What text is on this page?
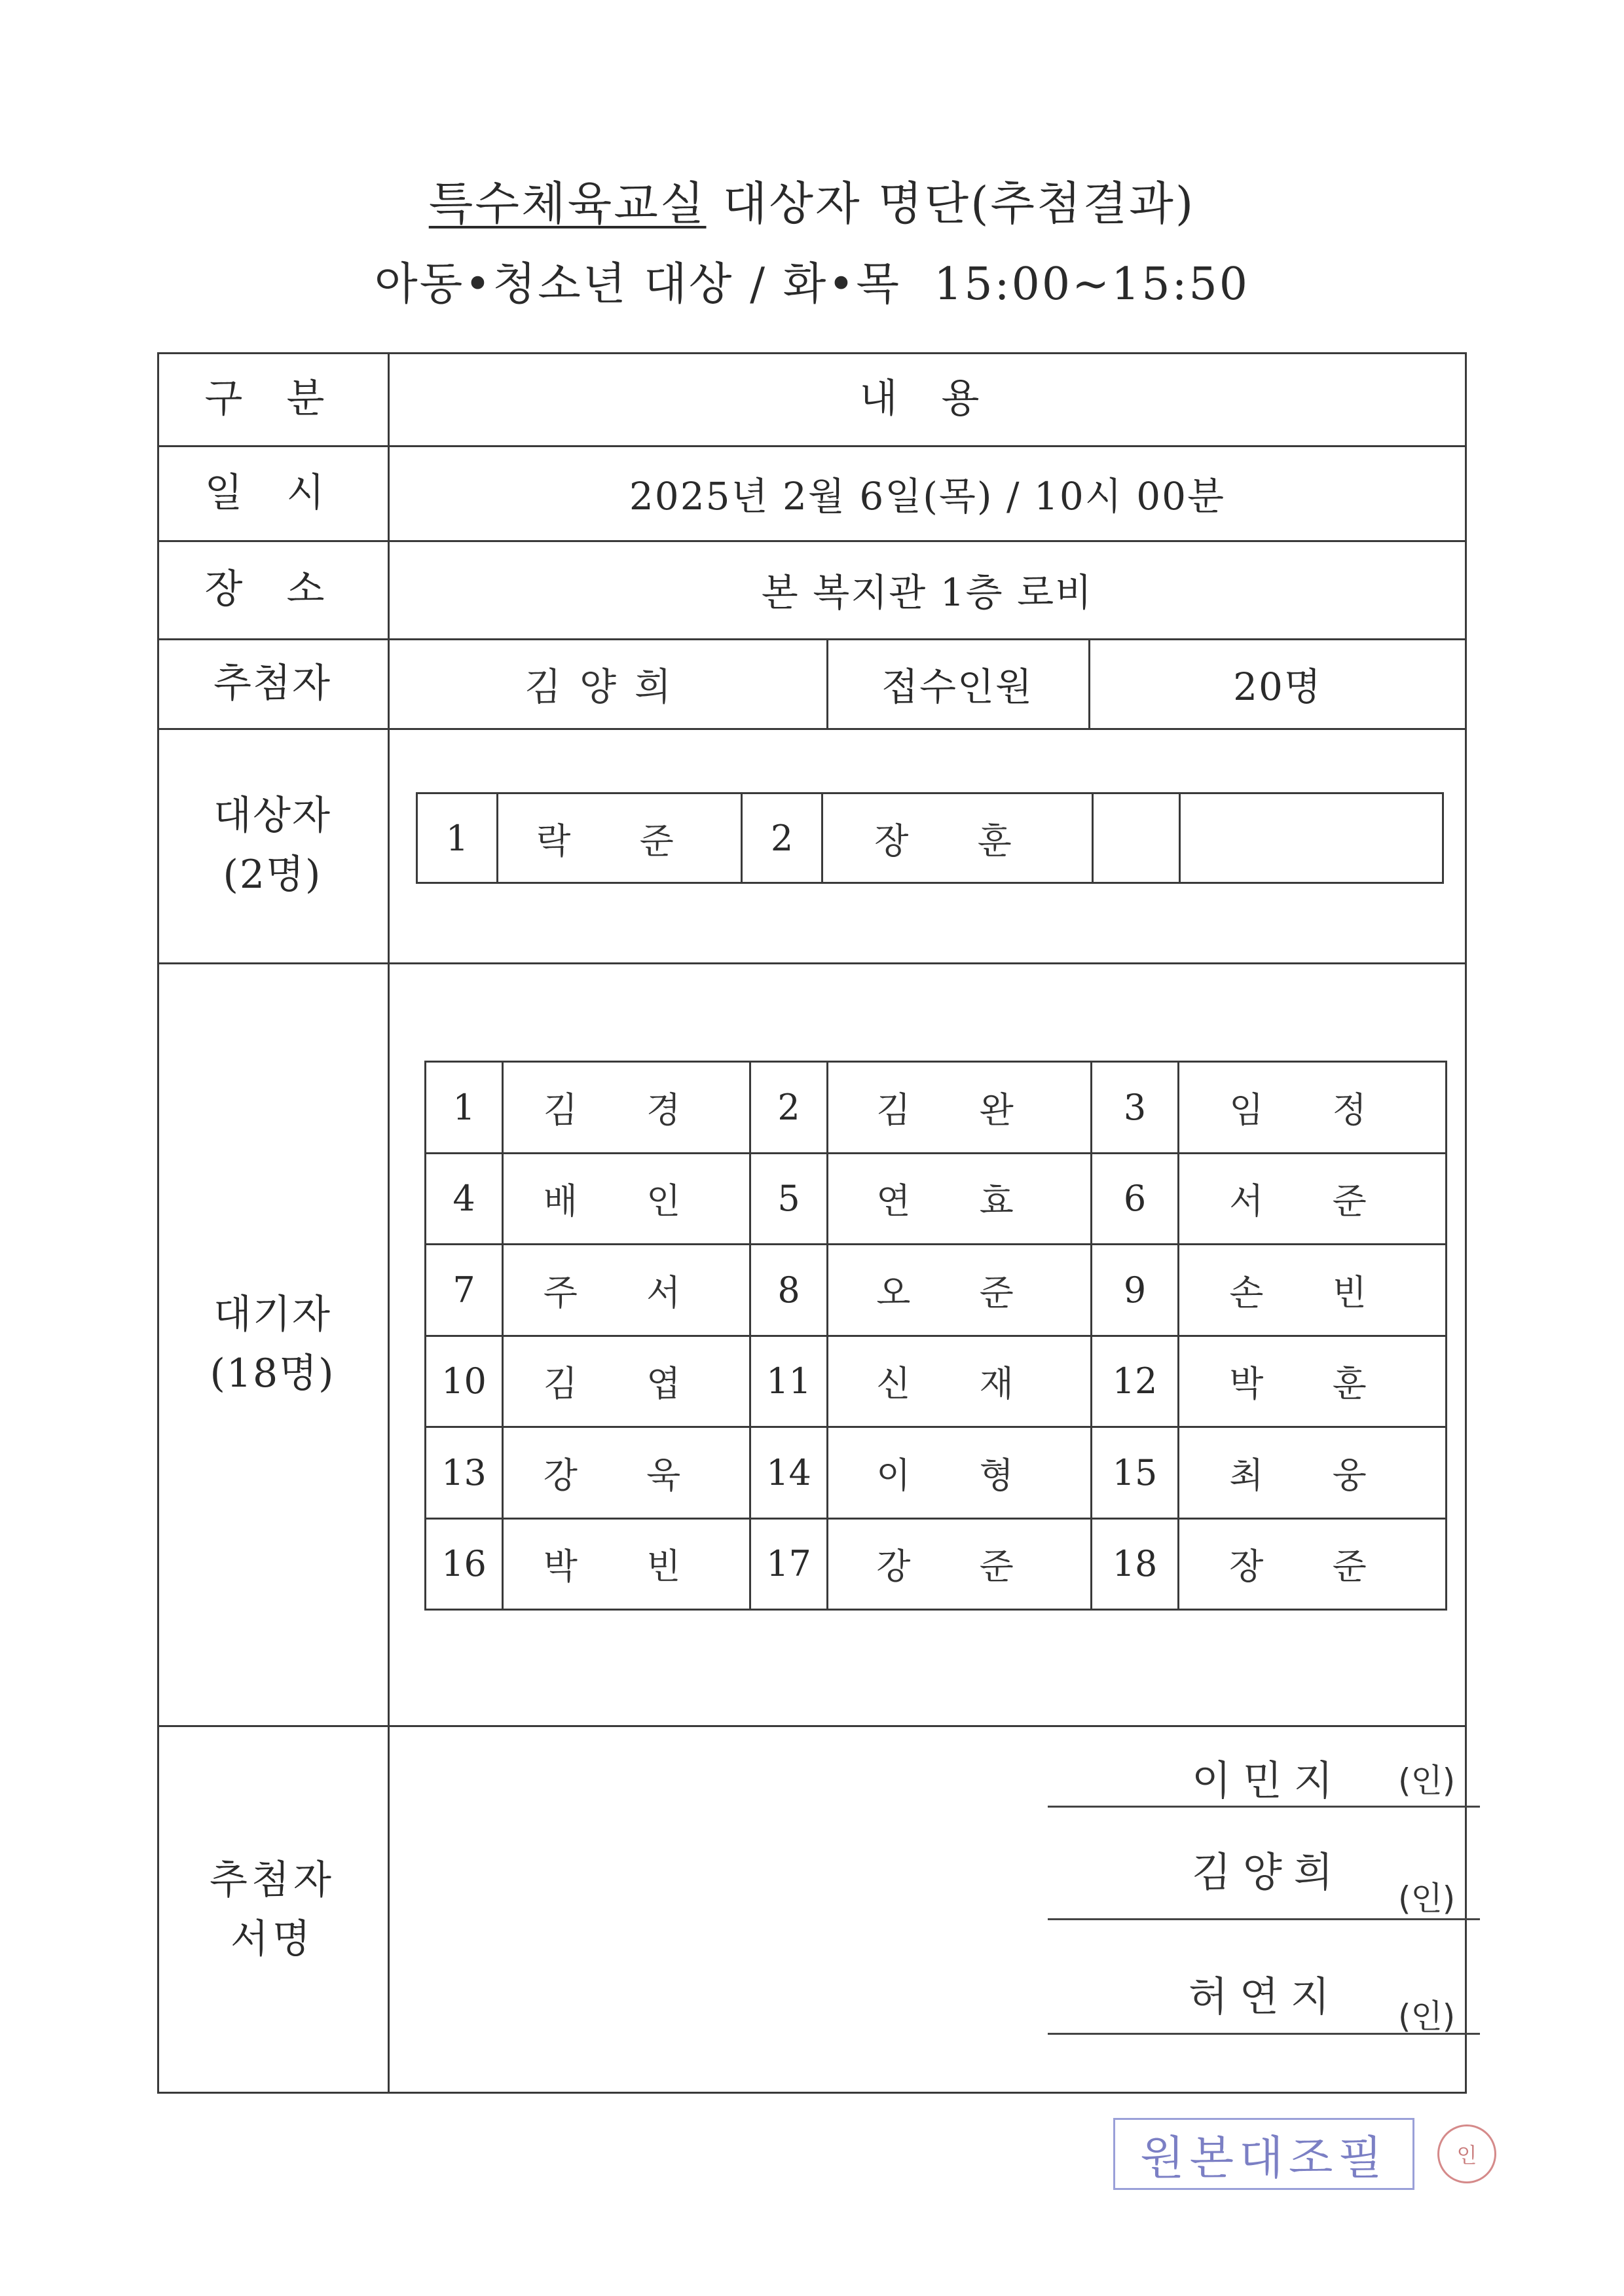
특수체육교실 대상자 명단(추첨결과)
아동•청소년 대상 / 화•목 15:00~15:50
구 분	내 용
일 시	2025년 2월 6일(목) / 10시 00분
장 소	본 복지관 1층 로비
추첨자	김양희	접수인원	20명
대상자
(2명)
1	락 준	2	장 훈		
대기자
(18명)
1	김 경	2	김 완	3	임 정
4	배 인	5	연 효	6	서 준
7	주 서	8	오 준	9	손 빈
10	김 엽	11	신 재	12	박 훈
13	강 욱	14	이 형	15	최 웅
16	박 빈	17	강 준	18	장 준
추첨자
서명
이민지 (인)
김양희
(인)
허연지 (인)
원본대조필	인
